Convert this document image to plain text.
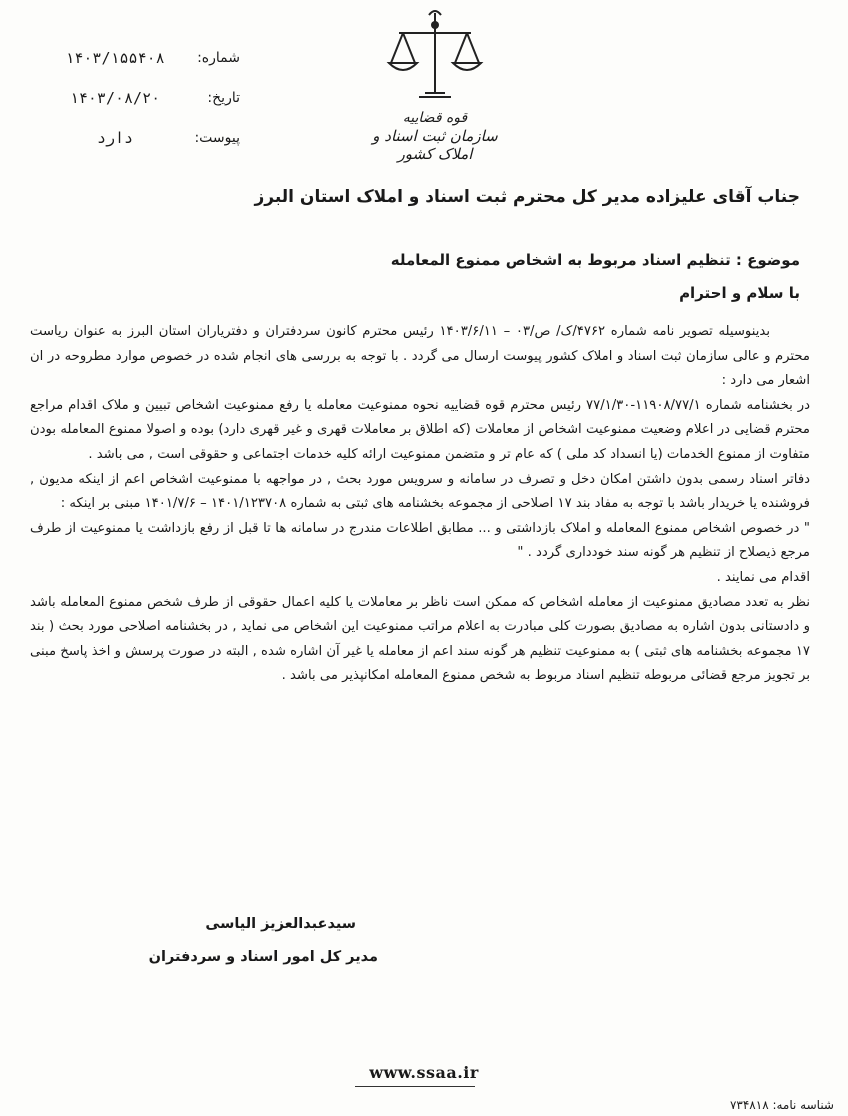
شماره:
۱۴۰۳/۱۵۵۴۰۸
تاریخ:
۱۴۰۳/۰۸/۲۰
پیوست:
دارد
قوه قضاییه
سازمان ثبت اسناد و املاک کشور
جناب آقای علیزاده مدیر کل محترم ثبت اسناد و املاک استان البرز
موضوع : تنظیم اسناد مربوط به اشخاص ممنوع المعامله
با سلام و احترام

بدینوسیله تصویر نامه شماره ۴۷۶۲/ک/ ص/۰۳ – ۱۴۰۳/۶/۱۱ رئیس محترم کانون سردفتران و دفتریاران استان البرز به عنوان ریاست محترم و عالی سازمان ثبت اسناد و املاک کشور پیوست ارسال می گردد . با توجه به بررسی های انجام شده در خصوص موارد مطروحه در ان اشعار می دارد :

در بخشنامه شماره ۱۱۹۰۸/۷۷/۱-۷۷/۱/۳۰ رئیس محترم قوه قضاییه نحوه ممنوعیت معامله یا رفع ممنوعیت اشخاص تبیین و ملاک اقدام مراجع محترم قضایی در اعلام وضعیت ممنوعیت اشخاص از معاملات (که اطلاق بر معاملات قهری و غیر قهری دارد) بوده و اصولا ممنوع المعامله بودن متفاوت از ممنوع الخدمات (یا انسداد کد ملی ) که عام تر و متضمن ممنوعیت ارائه کلیه خدمات اجتماعی و حقوقی است , می باشد .

دفاتر اسناد رسمی بدون داشتن امکان دخل و تصرف در سامانه و سرویس مورد بحث , در مواجهه با ممنوعیت اشخاص اعم از اینکه مدیون , فروشنده یا خریدار باشد با توجه به مفاد بند ۱۷ اصلاحی از مجموعه بخشنامه های ثبتی به شماره ۱۴۰۱/۱۲۳۷۰۸ – ۱۴۰۱/۷/۶ مبنی بر اینکه :

" در خصوص اشخاص ممنوع المعامله و املاک بازداشتی و ... مطابق اطلاعات مندرج در سامانه ها تا قبل از رفع بازداشت یا ممنوعیت از طرف مرجع ذیصلاح از تنظیم هر گونه سند خودداری گردد . "

اقدام می نمایند .

نظر به تعدد مصادیق ممنوعیت از معامله اشخاص که ممکن است ناظر بر معاملات یا کلیه اعمال حقوقی از طرف شخص ممنوع المعامله باشد و دادستانی بدون اشاره به مصادیق بصورت کلی مبادرت به اعلام مراتب ممنوعیت این اشخاص می نماید , در بخشنامه اصلاحی مورد بحث ( بند ۱۷ مجموعه بخشنامه های ثبتی ) به ممنوعیت تنظیم هر گونه سند اعم از معامله یا غیر آن اشاره شده , البته در صورت پرسش و اخذ پاسخ مبنی بر تجویز مرجع قضائی مربوطه تنظیم اسناد مربوط به شخص ممنوع المعامله امکانپذیر می باشد .

سیدعبدالعزیز الیاسی
مدیر کل امور اسناد و سردفتران
www.ssaa.ir
شناسه نامه: ۷۳۴۸۱۸
